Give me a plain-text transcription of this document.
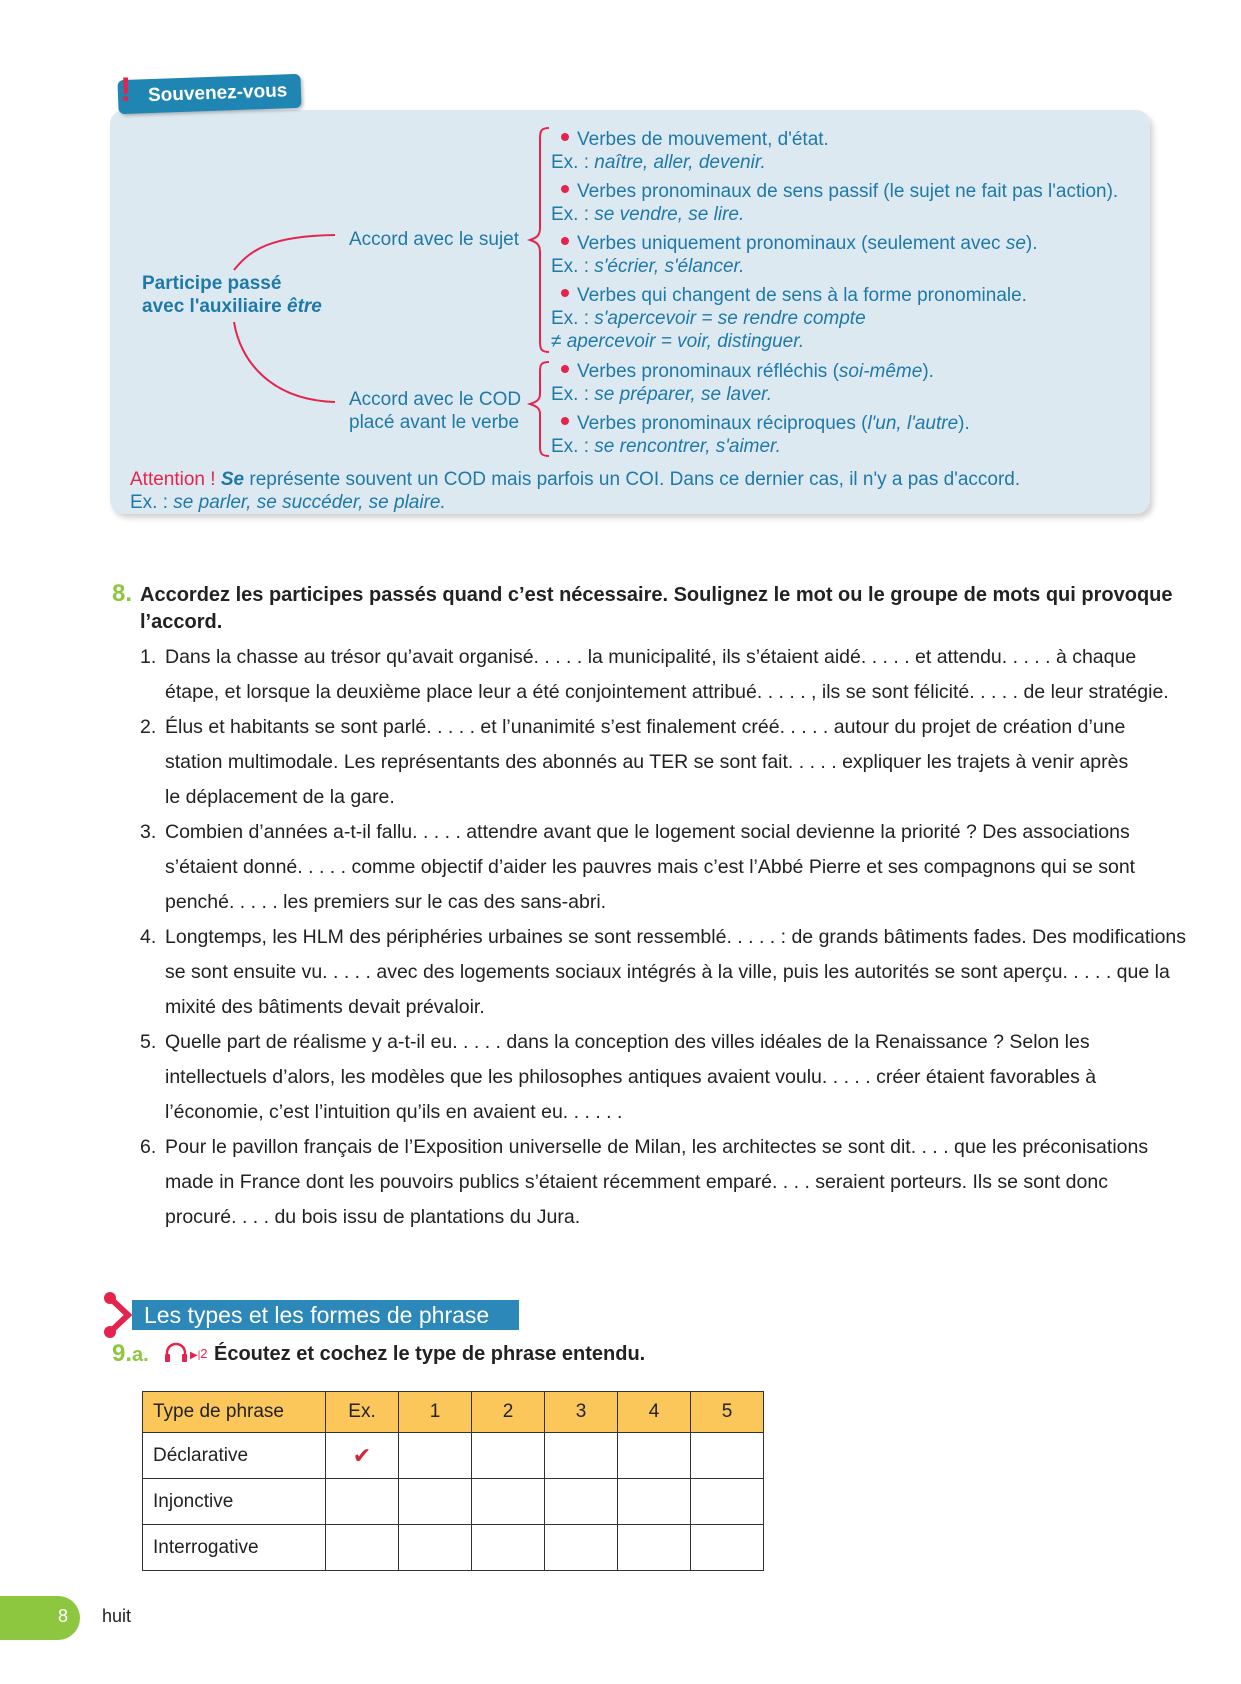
Souvenez-vous
!
Participe passé
avec l'auxiliaire être
Accord avec le sujet
Accord avec le COD
placé avant le verbe
Verbes de mouvement, d'état.
Ex. : naître, aller, devenir.
Verbes pronominaux de sens passif (le sujet ne fait pas l'action).
Ex. : se vendre, se lire.
Verbes uniquement pronominaux (seulement avec se).
Ex. : s'écrier, s'élancer.
Verbes qui changent de sens à la forme pronominale.
Ex. : s'apercevoir = se rendre compte
≠ apercevoir = voir, distinguer.
Verbes pronominaux réfléchis (soi-même).
Ex. : se préparer, se laver.
Verbes pronominaux réciproques (l'un, l'autre).
Ex. : se rencontrer, s'aimer.
Attention ! Se représente souvent un COD mais parfois un COI. Dans ce dernier cas, il n'y a pas d'accord.
Ex. : se parler, se succéder, se plaire.
8. Accordez les participes passés quand c’est nécessaire. Soulignez le mot ou le groupe de mots qui provoque
l’accord.
1. Dans la chasse au trésor qu’avait organisé. . . . . la municipalité, ils s’étaient aidé. . . . . et attendu. . . . . à chaque
étape, et lorsque la deuxième place leur a été conjointement attribué. . . . . , ils se sont félicité. . . . . de leur stratégie.
2. Élus et habitants se sont parlé. . . . . et l’unanimité s’est finalement créé. . . . . autour du projet de création d’une
station multimodale. Les représentants des abonnés au TER se sont fait. . . . . expliquer les trajets à venir après
le déplacement de la gare.
3. Combien d’années a-t-il fallu. . . . . attendre avant que le logement social devienne la priorité ? Des associations
s’étaient donné. . . . . comme objectif d’aider les pauvres mais c’est l’Abbé Pierre et ses compagnons qui se sont
penché. . . . . les premiers sur le cas des sans-abri.
4. Longtemps, les HLM des périphéries urbaines se sont ressemblé. . . . . : de grands bâtiments fades. Des modifications
se sont ensuite vu. . . . . avec des logements sociaux intégrés à la ville, puis les autorités se sont aperçu. . . . . que la
mixité des bâtiments devait prévaloir.
5. Quelle part de réalisme y a-t-il eu. . . . . dans la conception des villes idéales de la Renaissance ? Selon les
intellectuels d’alors, les modèles que les philosophes antiques avaient voulu. . . . . créer étaient favorables à
l’économie, c’est l’intuition qu’ils en avaient eu. . . . . .
6. Pour le pavillon français de l’Exposition universelle de Milan, les architectes se sont dit. . . . que les préconisations
made in France dont les pouvoirs publics s’étaient récemment emparé. . . . seraient porteurs. Ils se sont donc
procuré. . . . du bois issu de plantations du Jura.
Les types et les formes de phrase
9.a.	▶|2 Écoutez et cochez le type de phrase entendu.
Type de phrase	Ex.	1	2	3	4	5
Déclarative	✔					
Injonctive						
Interrogative						
8 huit
